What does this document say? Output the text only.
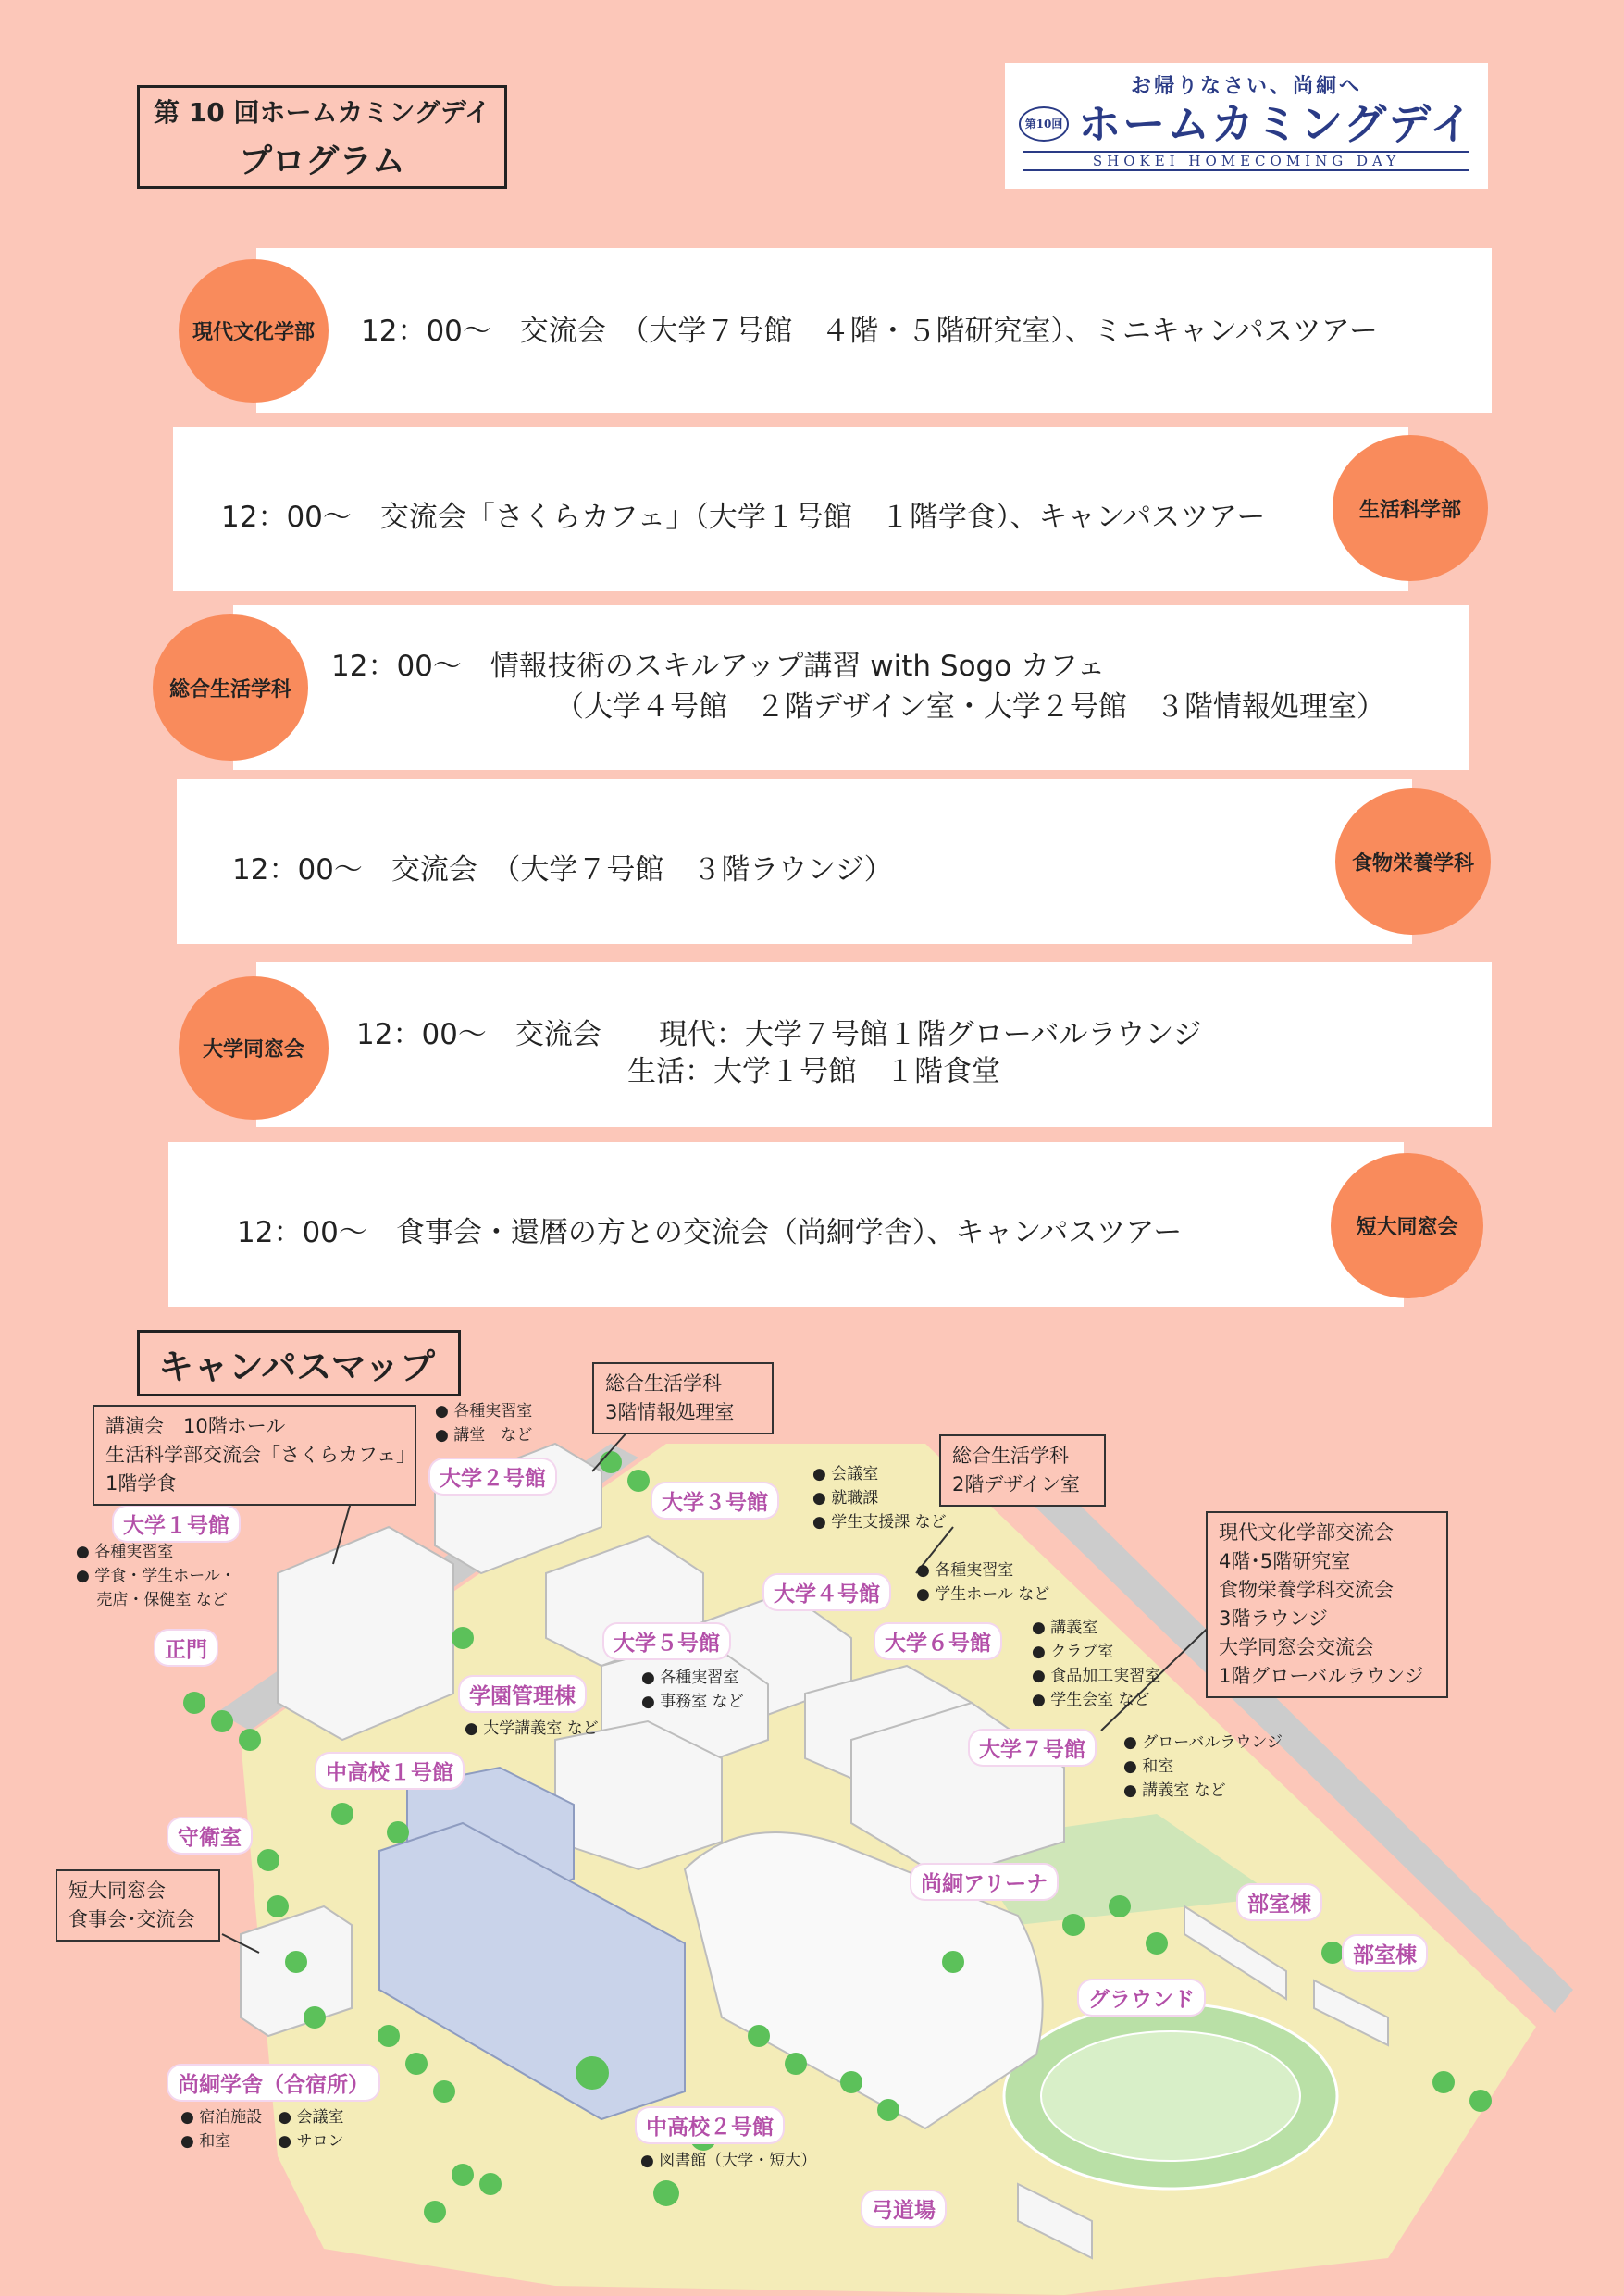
第 10 回ホームカミングデイ
プログラム
お帰りなさい、尚絅へ
第10回 ホームカミングデイ
SHOKEI HOMECOMING DAY
12：00～　交流会　（大学７号館　４階・５階研究室）、ミニキャンパスツアー
現代文化学部
12：00～　交流会「さくらカフェ」（大学１号館　１階学食）、キャンパスツアー	生活科学部
12：00～　情報技術のスキルアップ講習 with Sogo カフェ
（大学４号館　２階デザイン室・大学２号館　３階情報処理室）
総合生活学科
12：00～　交流会　（大学７号館　３階ラウンジ）	食物栄養学科
12：00～　交流会　　現代：大学７号館１階グローバルラウンジ
生活：大学１号館　１階食堂
大学同窓会
12：00～　食事会・還暦の方との交流会（尚絅学舎）、キャンパスツアー	短大同窓会
キャンパスマップ
大学１号館
大学２号館
大学３号館
大学４号館
大学５号館	大学６号館
大学７号館
学園管理棟
中高校１号館
中高校２号館
正門
守衛室
尚絅アリーナ
部室棟
部室棟
グラウンド
尚絅学舎（合宿所）
弓道場
講演会　10階ホール
生活科学部交流会「さくらカフェ」
1階学食
総合生活学科
3階情報処理室
総合生活学科
2階デザイン室
現代文化学部交流会
4階･5階研究室
食物栄養学科交流会
3階ラウンジ
大学同窓会交流会
1階グローバルラウンジ
短大同窓会
食事会･交流会
● 各種実習室
● 講堂　など
● 各種実習室
● 学食・学生ホール・
　 売店・保健室 など
● 会議室
● 就職課
● 学生支援課 など
● 各種実習室
● 学生ホール など
● 講義室
● クラブ室
● 食品加工実習室
● 学生会室 など
● 各種実習室
● 事務室 など
● 大学講義室 など
● グローバルラウンジ
● 和室
● 講義室 など
● 宿泊施設　● 会議室
● 和室　　　● サロン
● 図書館（大学・短大）
